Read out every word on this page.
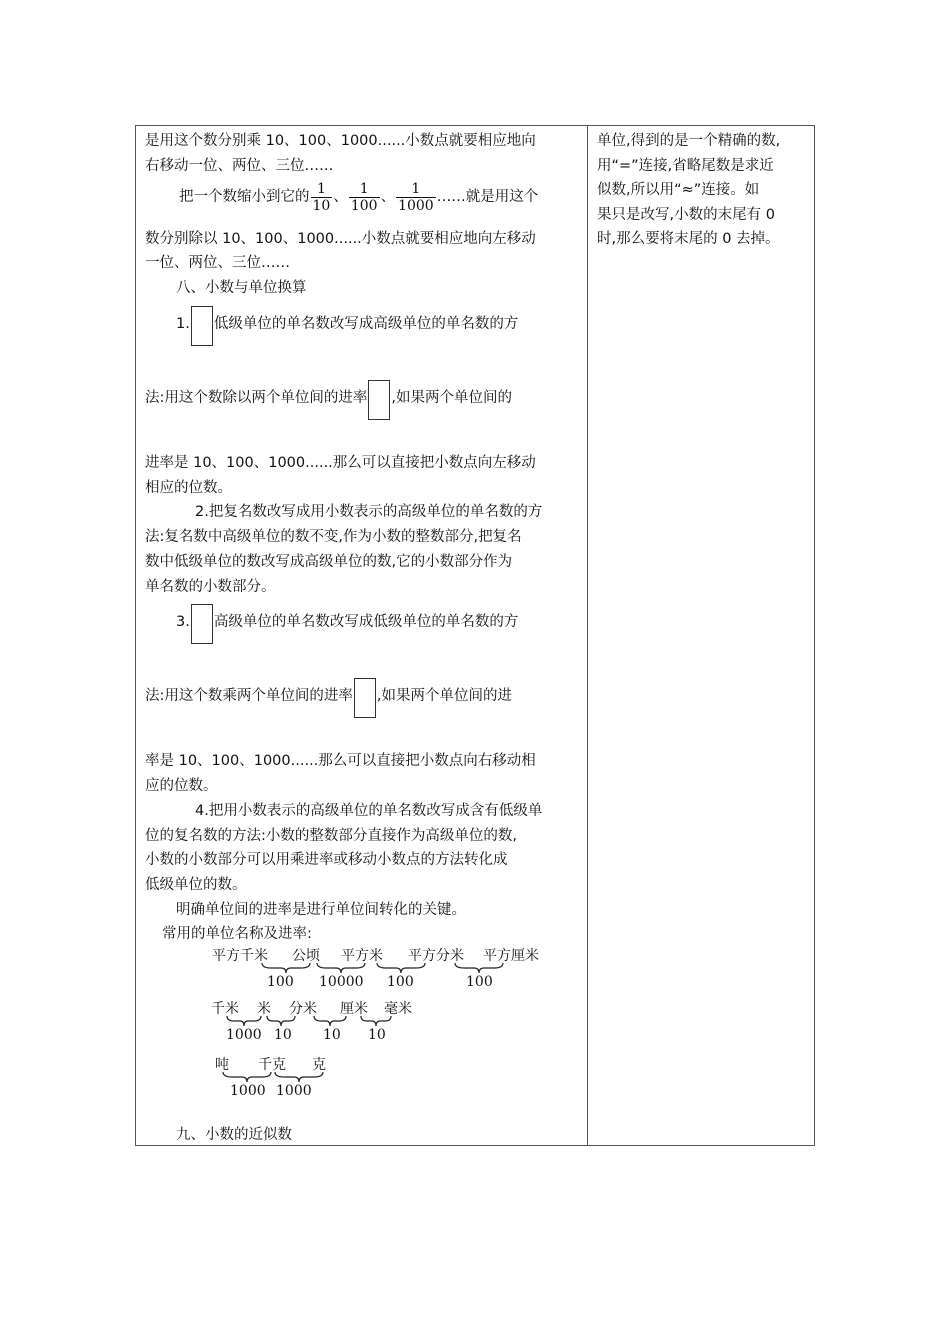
是用这个数分别乘 10、100、1000......小数点就要相应地向
右移动一位、两位、三位……
把一个数缩小到它的 $\frac{1}{10}$ 、 $\frac{1}{100}$ 、 $\frac{1}{1000}$ ……就是用这个
数分别除以 10、100、1000......小数点就要相应地向左移动
一位、两位、三位……
八、小数与单位换算
1. 低级单位的单名数改写成高级单位的单名数的方
法:用这个数除以两个单位间的进率 ,如果两个单位间的
进率是 10、100、1000......那么可以直接把小数点向左移动
相应的位数。
2.把复名数改写成用小数表示的高级单位的单名数的方
法:复名数中高级单位的数不变,作为小数的整数部分,把复名
数中低级单位的数改写成高级单位的数,它的小数部分作为
单名数的小数部分。
3. 高级单位的单名数改写成低级单位的单名数的方
法:用这个数乘两个单位间的进率 ,如果两个单位间的进
率是 10、100、1000......那么可以直接把小数点向右移动相
应的位数。
4.把用小数表示的高级单位的单名数改写成含有低级单
位的复名数的方法:小数的整数部分直接作为高级单位的数,
小数的小数部分可以用乘进率或移动小数点的方法转化成
低级单位的数。
明确单位间的进率是进行单位间转化的关键。
常用的单位名称及进率:
平方千米 公顷 平方米 平方分米 平方厘米
100 10000 100	100
千米 米 分米 厘米 毫米
1000 10 10 10
吨 千克 克
1000 1000
九、小数的近似数
单位,得到的是一个精确的数,
用“=”连接,省略尾数是求近
似数,所以用“≈”连接。如
果只是改写,小数的末尾有 0
时,那么要将末尾的 0 去掉。
